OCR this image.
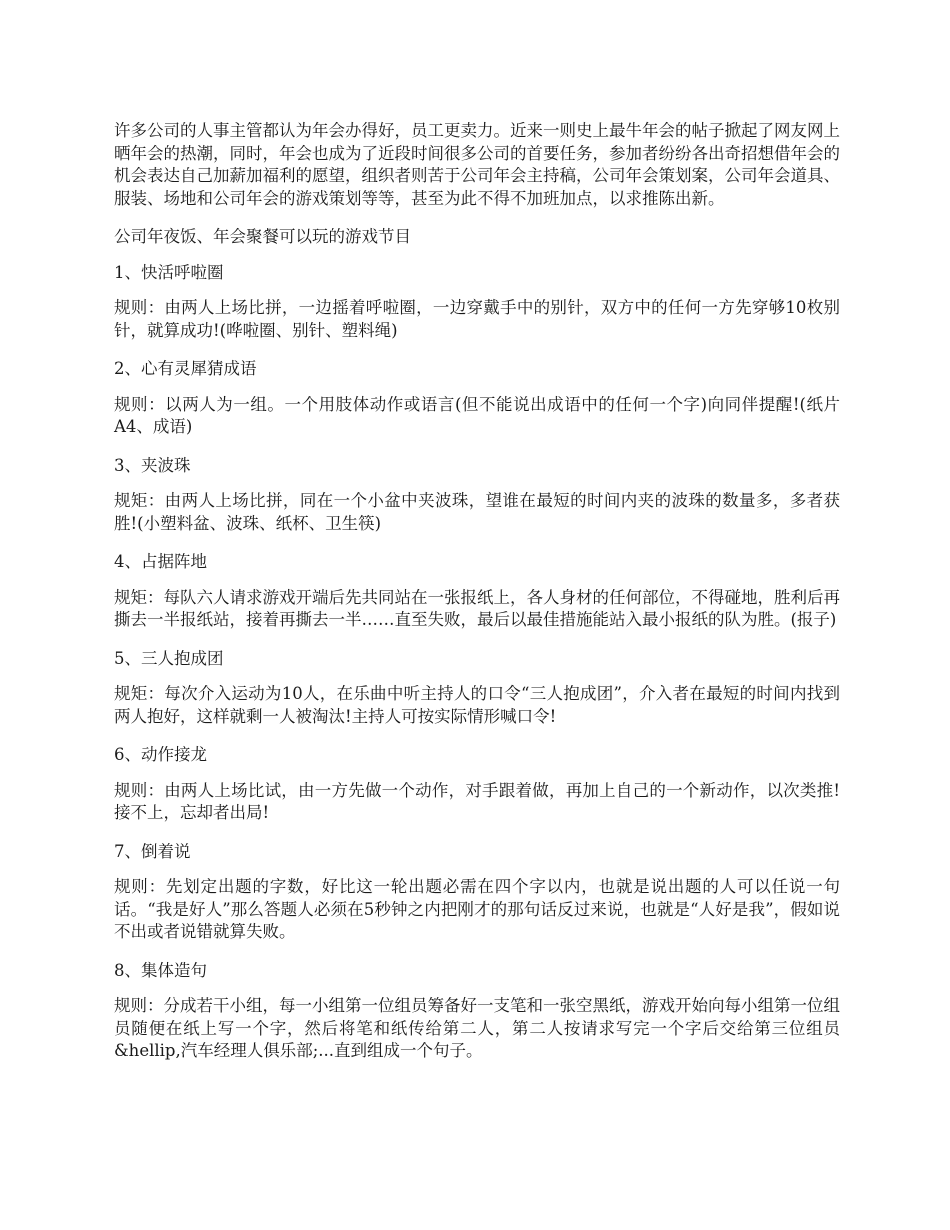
许多公司的人事主管都认为年会办得好，员工更卖力。近来一则史上最牛年会的帖子掀起了网友网上晒年会的热潮，同时，年会也成为了近段时间很多公司的首要任务，参加者纷纷各出奇招想借年会的机会表达自己加薪加福利的愿望，组织者则苦于公司年会主持稿，公司年会策划案，公司年会道具、服装、场地和公司年会的游戏策划等等，甚至为此不得不加班加点，以求推陈出新。

公司年夜饭、年会聚餐可以玩的游戏节目

1、快活呼啦圈

规则：由两人上场比拼，一边摇着呼啦圈，一边穿戴手中的别针，双方中的任何一方先穿够10枚别针，就算成功!(哗啦圈、别针、塑料绳)

2、心有灵犀猜成语

规则：以两人为一组。一个用肢体动作或语言(但不能说出成语中的任何一个字)向同伴提醒!(纸片A4、成语)

3、夹波珠

规矩：由两人上场比拼，同在一个小盆中夹波珠，望谁在最短的时间内夹的波珠的数量多，多者获胜!(小塑料盆、波珠、纸杯、卫生筷)

4、占据阵地

规矩：每队六人请求游戏开端后先共同站在一张报纸上，各人身材的任何部位，不得碰地，胜利后再撕去一半报纸站，接着再撕去一半……直至失败，最后以最佳措施能站入最小报纸的队为胜。(报子)

5、三人抱成团

规矩：每次介入运动为10人，在乐曲中听主持人的口令“三人抱成团”，介入者在最短的时间内找到两人抱好，这样就剩一人被淘汰!主持人可按实际情形喊口令!

6、动作接龙

规则：由两人上场比试，由一方先做一个动作，对手跟着做，再加上自己的一个新动作，以次类推!接不上，忘却者出局!

7、倒着说

规则：先划定出题的字数，好比这一轮出题必需在四个字以内，也就是说出题的人可以任说一句话。“我是好人”那么答题人必须在5秒钟之内把刚才的那句话反过来说，也就是“人好是我”，假如说不出或者说错就算失败。

8、集体造句

规则：分成若干小组，每一小组第一位组员筹备好一支笔和一张空黑纸，游戏开始向每小组第一位组员随便在纸上写一个字，然后将笔和纸传给第二人，第二人按请求写完一个字后交给第三位组员&hellip,汽车经理人俱乐部;...直到组成一个句子。
